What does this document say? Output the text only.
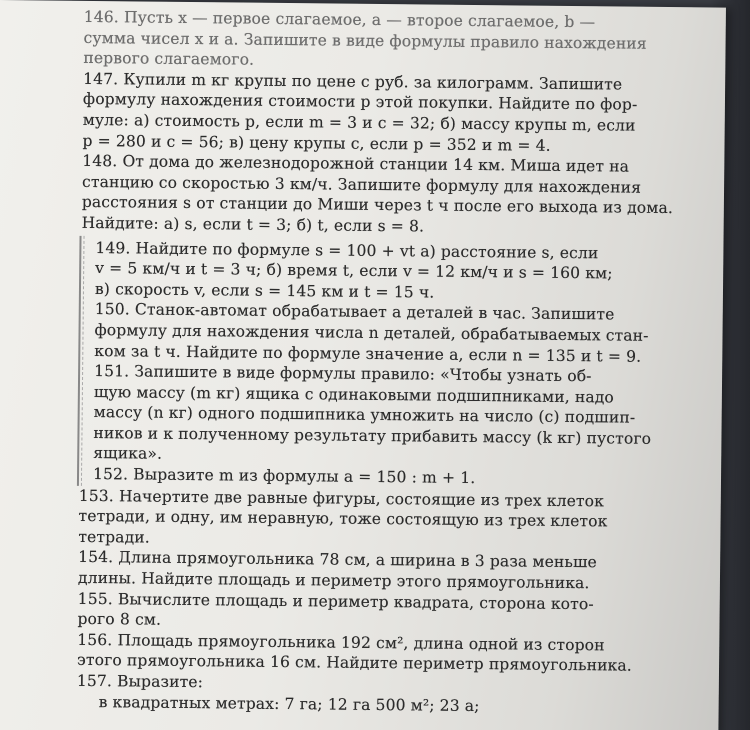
146. Пусть x — первое слагаемое, a — второе слагаемое, b —
сумма чисел x и a. Запишите в виде формулы правило нахождения
первого слагаемого.
147. Купили m кг крупы по цене c руб. за килограмм. Запишите
формулу нахождения стоимости p этой покупки. Найдите по фор-
муле: а) стоимость p, если m = 3 и c = 32; б) массу крупы m, если
p = 280 и c = 56; в) цену крупы c, если p = 352 и m = 4.
148. От дома до железнодорожной станции 14 км. Миша идет на
станцию со скоростью 3 км/ч. Запишите формулу для нахождения
расстояния s от станции до Миши через t ч после его выхода из дома.
Найдите: а) s, если t = 3; б) t, если s = 8.
149. Найдите по формуле s = 100 + vt а) расстояние s, если
v = 5 км/ч и t = 3 ч; б) время t, если v = 12 км/ч и s = 160 км;
в) скорость v, если s = 145 км и t = 15 ч.
150. Станок-автомат обрабатывает a деталей в час. Запишите
формулу для нахождения числа n деталей, обрабатываемых стан-
ком за t ч. Найдите по формуле значение a, если n = 135 и t = 9.
151. Запишите в виде формулы правило: «Чтобы узнать об-
щую массу (m кг) ящика с одинаковыми подшипниками, надо
массу (n кг) одного подшипника умножить на число (c) подшип-
ников и к полученному результату прибавить массу (k кг) пустого
ящика».
152. Выразите m из формулы a = 150 : m + 1.
153. Начертите две равные фигуры, состоящие из трех клеток
тетради, и одну, им неравную, тоже состоящую из трех клеток
тетради.
154. Длина прямоугольника 78 см, а ширина в 3 раза меньше
длины. Найдите площадь и периметр этого прямоугольника.
155. Вычислите площадь и периметр квадрата, сторона кото-
рого 8 см.
156. Площадь прямоугольника 192 см², длина одной из сторон
этого прямоугольника 16 см. Найдите периметр прямоугольника.
157. Выразите:
в квадратных метрах: 7 га; 12 га 500 м²; 23 а;
